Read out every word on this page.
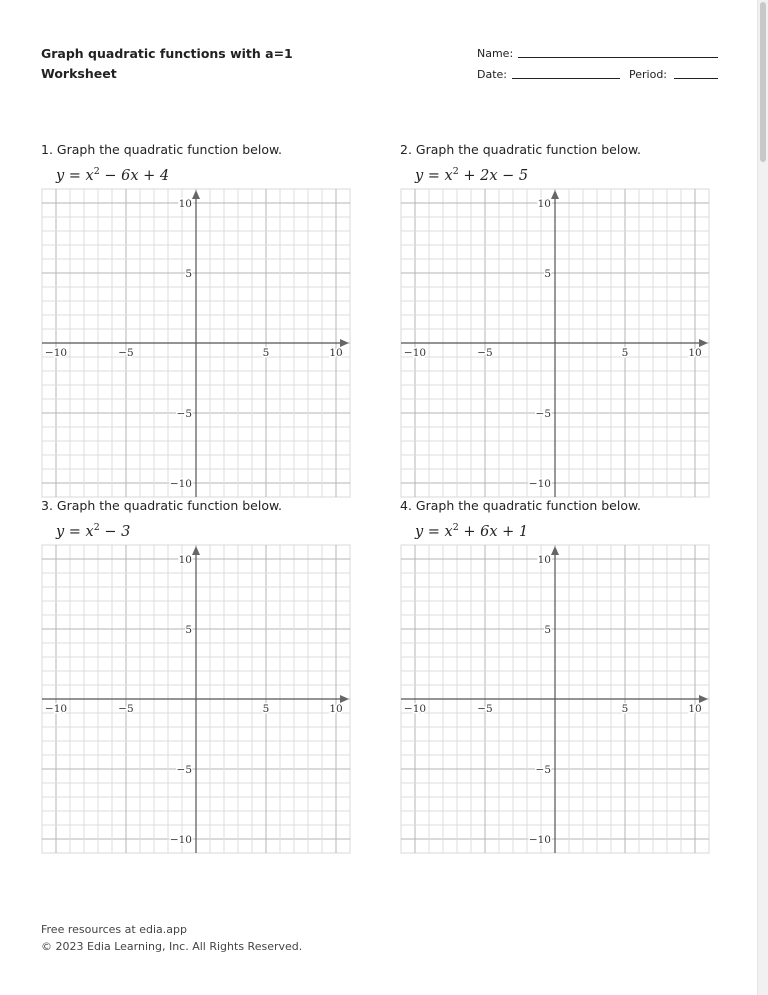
Graph quadratic functions with a=1
Worksheet
Name:
Date:	Period:
1. Graph the quadratic function below.
$y = x^2 - 6x + 4$
−10	−5	5	10
10
5
−5
−10
2. Graph the quadratic function below.
$y = x^2 + 2x - 5$
−10	−5	5	10
10
5
−5
−10
3. Graph the quadratic function below.
$y = x^2 - 3$
−10	−5	5	10
10
5
−5
−10
4. Graph the quadratic function below.
$y = x^2 + 6x + 1$
−10	−5	5	10
10
5
−5
−10
Free resources at edia.app
© 2023 Edia Learning, Inc. All Rights Reserved.
